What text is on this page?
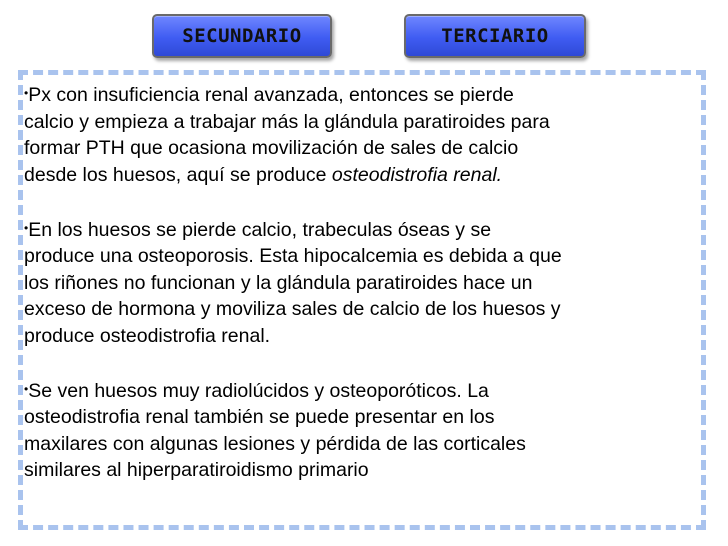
SECUNDARIO	TERCIARIO
•Px con insuficiencia renal avanzada, entonces se pierde
calcio y empieza a trabajar más la glándula paratiroides para
formar PTH que ocasiona movilización de sales de calcio
desde los huesos, aquí se produce osteodistrofia renal.
•En los huesos se pierde calcio, trabeculas óseas y se
produce una osteoporosis. Esta hipocalcemia es debida a que
los riñones no funcionan y la glándula paratiroides hace un
exceso de hormona y moviliza sales de calcio de los huesos y
produce osteodistrofia renal.
•Se ven huesos muy radiolúcidos y osteoporóticos. La
osteodistrofia renal también se puede presentar en los
maxilares con algunas lesiones y pérdida de las corticales
similares al hiperparatiroidismo primario
